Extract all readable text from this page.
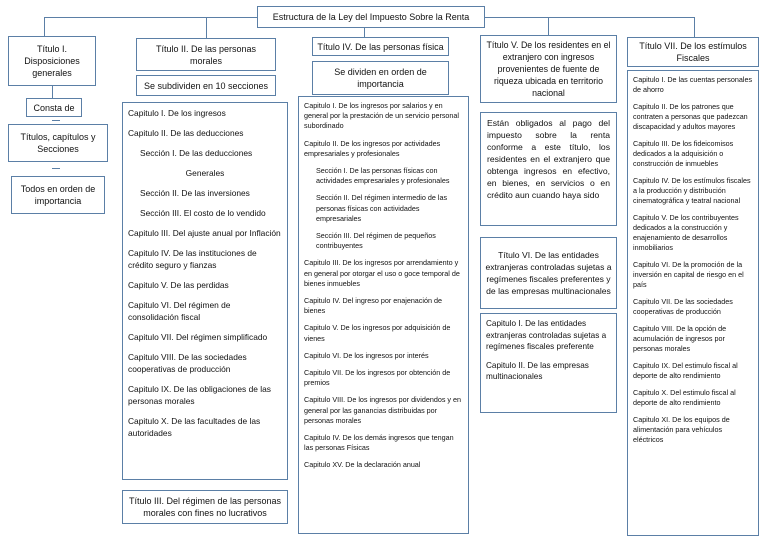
Estructura de la Ley del Impuesto Sobre la Renta
Título I. Disposiciones generales
Consta de
Títulos, capítulos y Secciones
Todos en orden de importancia
Título II. De las personas morales
Se subdividen en 10 secciones
Capitulo I. De los ingresos
Capitulo II. De las deducciones
Sección I. De las deducciones
Generales
Sección II. De las inversiones
Sección III. El costo de lo vendido
Capitulo III. Del ajuste anual por Inflación
Capitulo IV. De las instituciones de crédito seguro y fianzas
Capitulo V. De las perdidas
Capitulo VI. Del régimen de consolidación fiscal
Capitulo VII. Del régimen simplificado
Capitulo VIII. De las sociedades cooperativas de producción
Capitulo IX. De las obligaciones de las personas morales
Capitulo X. De las facultades de las autoridades
Título III. Del régimen de las personas morales con fines no lucrativos
Título IV. De las personas física
Se dividen en orden de importancia
Capitulo I. De los ingresos por salarios y en general por la prestación de un servicio personal subordinado
Capitulo II. De los ingresos por actividades empresariales y profesionales
Sección I. De las personas físicas con actividades empresariales y profesionales
Sección II. Del régimen intermedio de las personas físicas con actividades empresariales
Sección III. Del régimen de pequeños contribuyentes
Capitulo III. De los ingresos por arrendamiento y en general por otorgar el uso o goce temporal de bienes inmuebles
Capitulo IV. Del ingreso por enajenación de bienes
Capitulo V. De los ingresos por adquisición de vienes
Capitulo VI. De los ingresos por interés
Capitulo VII. De los ingresos por obtención de premios
Capitulo VIII. De los ingresos por dividendos y en general por las ganancias distribuidas por personas morales
Capitulo IV. De los demás ingresos que tengan las personas Físicas
Capitulo XV. De la declaración anual
Título V. De los residentes en el extranjero con ingresos provenientes de fuente de riqueza ubicada en territorio nacional
Están obligados al pago del impuesto sobre la renta conforme a este título, los residentes en el extranjero que obtenga ingresos en efectivo, en bienes, en servicios o en crédito aun cuando haya sido
Título VI. De las entidades extranjeras controladas sujetas a regímenes fiscales preferentes y de las empresas multinacionales
Capitulo I. De las entidades extranjeras controladas sujetas a regímenes fiscales preferente
Capitulo II. De las empresas multinacionales
Título VII. De los estímulos Fiscales
Capitulo I. De las cuentas personales de ahorro
Capitulo II. De los patrones que contraten a personas que padezcan discapacidad y adultos mayores
Capitulo III. De los fideicomisos dedicados a la adquisición o construcción de inmuebles
Capitulo IV. De los estímulos fiscales a la producción y distribución cinematográfica y teatral nacional
Capitulo V. De los contribuyentes dedicados a la construcción y enajenamiento de desarrollos inmobiliarios
Capitulo VI. De la promoción de la inversión en capital de riesgo en el país
Capitulo VII. De las sociedades cooperativas de producción
Capitulo VIII. De la opción de acumulación de ingresos por personas morales
Capitulo IX. Del estimulo fiscal al deporte de alto rendimiento
Capitulo X. Del estimulo fiscal al deporte de alto rendimiento
Capitulo XI. De los equipos de alimentación para vehículos eléctricos
